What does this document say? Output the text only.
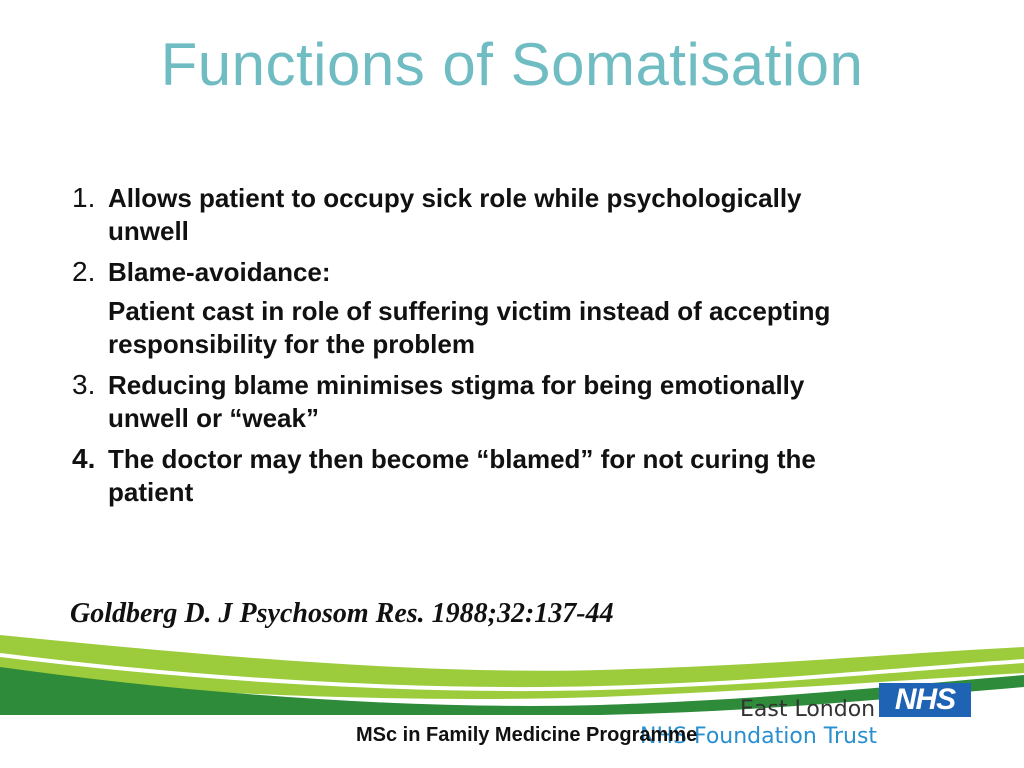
Functions of Somatisation
1. Allows patient to occupy sick role while psychologically
unwell
2. Blame-avoidance:
Patient cast in role of suffering victim instead of accepting
responsibility for the problem
3. Reducing blame minimises stigma for being emotionally
unwell or “weak”
4. The doctor may then become “blamed” for not curing the
patient
Goldberg D. J Psychosom Res. 1988;32:137-44
NHS
East London
NHS Foundation Trust
MSc in Family Medicine Programme
